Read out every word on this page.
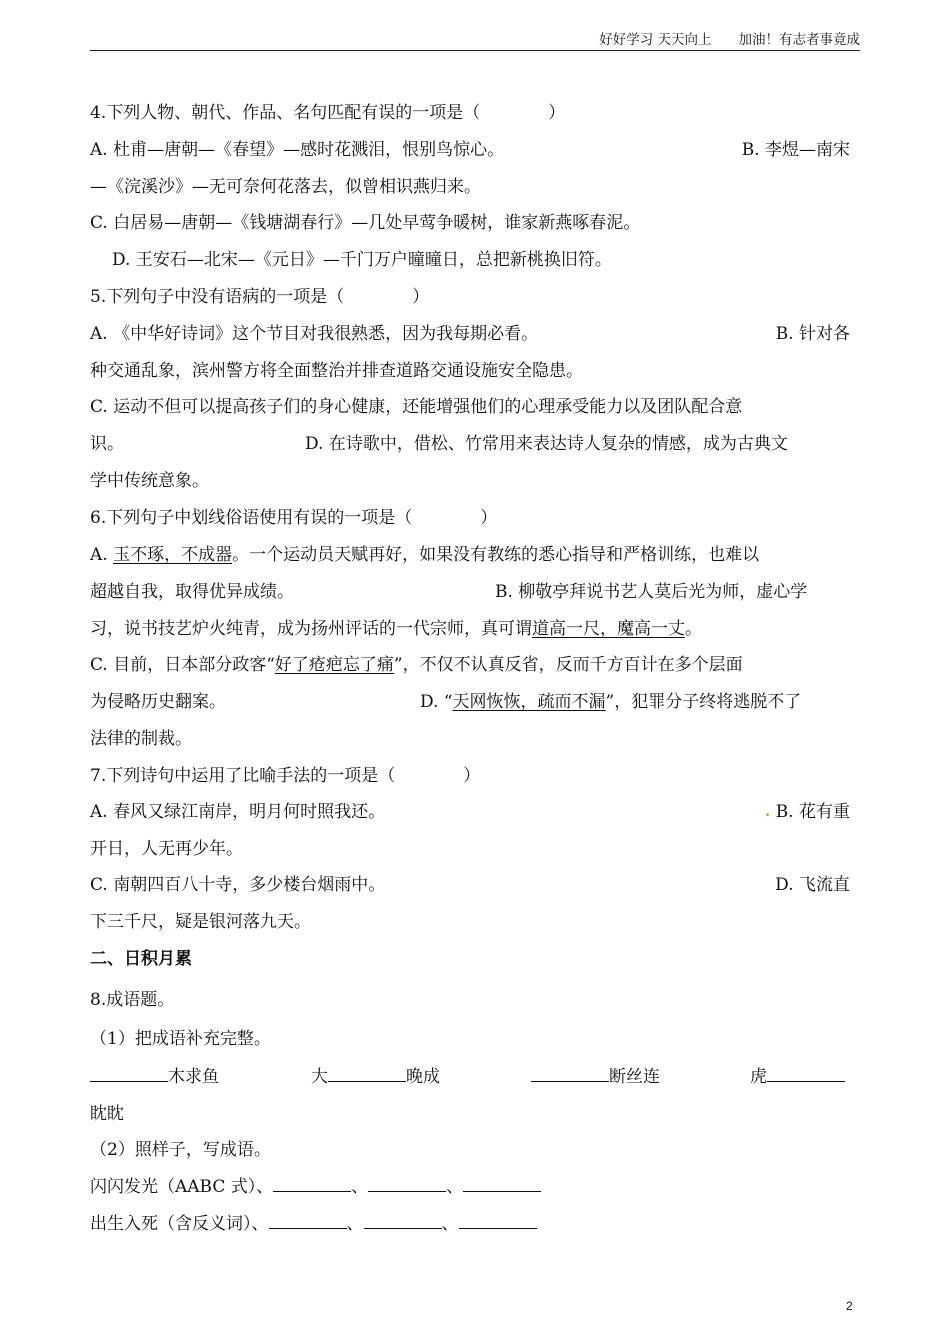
好好学习 天天向上　　 加油！有志者事竟成
4.下列人物、朝代、作品、名句匹配有误的一项是（　　　　）
A. 杜甫—唐朝—《春望》—感时花溅泪，恨别鸟惊心。	B. 李煜—南宋
—《浣溪沙》—无可奈何花落去，似曾相识燕归来。
C. 白居易—唐朝—《钱塘湖春行》—几处早莺争暖树，谁家新燕啄春泥。
D. 王安石—北宋—《元日》—千门万户曈曈日，总把新桃换旧符。
5.下列句子中没有语病的一项是（　　　　）
A. 《中华好诗词》这个节目对我很熟悉，因为我每期必看。	B. 针对各
种交通乱象，滨州警方将全面整治并排查道路交通设施安全隐患。
C. 运动不但可以提高孩子们的身心健康，还能增强他们的心理承受能力以及团队配合意
识。	D. 在诗歌中，借松、竹常用来表达诗人复杂的情感，成为古典文
学中传统意象。
6.下列句子中划线俗语使用有误的一项是（　　　　）
A. 玉不琢，不成器。一个运动员天赋再好，如果没有教练的悉心指导和严格训练，也难以
超越自我，取得优异成绩。	B. 柳敬亭拜说书艺人莫后光为师，虚心学
习，说书技艺炉火纯青，成为扬州评话的一代宗师，真可谓道高一尺，魔高一丈。
C. 目前，日本部分政客“好了疮疤忘了痛”，不仅不认真反省，反而千方百计在多个层面
为侵略历史翻案。	D. “天网恢恢，疏而不漏”，犯罪分子终将逃脱不了
法律的制裁。
7.下列诗句中运用了比喻手法的一项是（　　　　）
A. 春风又绿江南岸，明月何时照我还。	B. 花有重
开日，人无再少年。
C. 南朝四百八十寺，多少楼台烟雨中。	D. 飞流直
下三千尺，疑是银河落九天。
二、日积月累
8.成语题。
（1）把成语补充完整。
木求鱼	大	晚成	断丝连	虎
眈眈
（2）照样子，写成语。
闪闪发光（AABC 式）、	、	、
出生入死（含反义词）、	、	、
2
